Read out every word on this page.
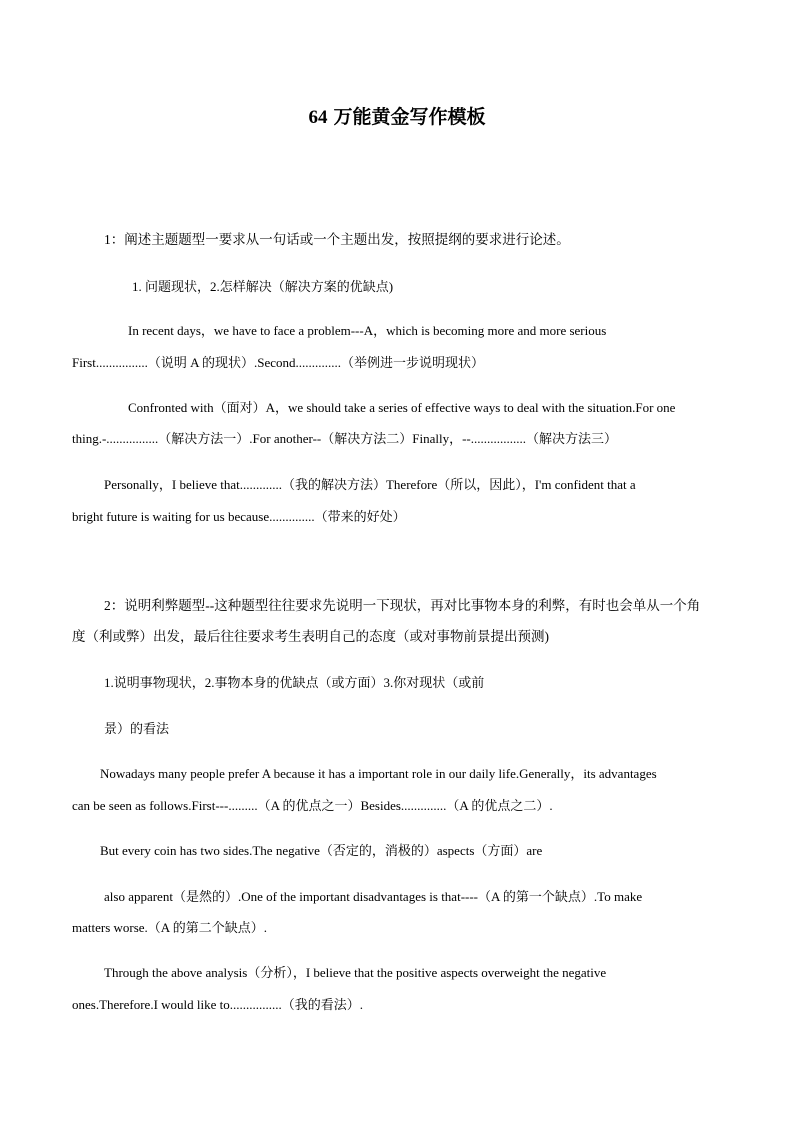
64 万能黄金写作模板
1：阐述主题题型一要求从一句话或一个主题出发，按照提纲的要求进行论述。
1. 问题现状，2.怎样解决（解决方案的优缺点)
In recent days，we have to face a problem---A，which is becoming more and more serious
First................（说明 A 的现状）.Second..............（举例进一步说明现状）
Confronted with（面对）A，we should take a series of effective ways to deal with the situation.For one
thing.-................（解决方法一）.For another--（解决方法二）Finally，--.................（解决方法三）
Personally，I believe that.............（我的解决方法）Therefore（所以，因此），I'm confident that a
bright future is waiting for us because..............（带来的好处）
2：说明利弊题型--这种题型往往要求先说明一下现状，再对比事物本身的利弊，有时也会单从一个角
度（利或弊）出发，最后往往要求考生表明自己的态度（或对事物前景提出预测)
1.说明事物现状，2.事物本身的优缺点（或方面）3.你对现状（或前
景）的看法
Nowadays many people prefer A because it has a important role in our daily life.Generally，its advantages
can be seen as follows.First---.........（A 的优点之一）Besides..............（A 的优点之二）.
But every coin has two sides.The negative（否定的，消极的）aspects（方面）are
also apparent（是然的）.One of the important disadvantages is that----（A 的第一个缺点）.To make
matters worse.（A 的第二个缺点）.
Through the above analysis（分析），I believe that the positive aspects overweight the negative
ones.Therefore.I would like to................（我的看法）.
